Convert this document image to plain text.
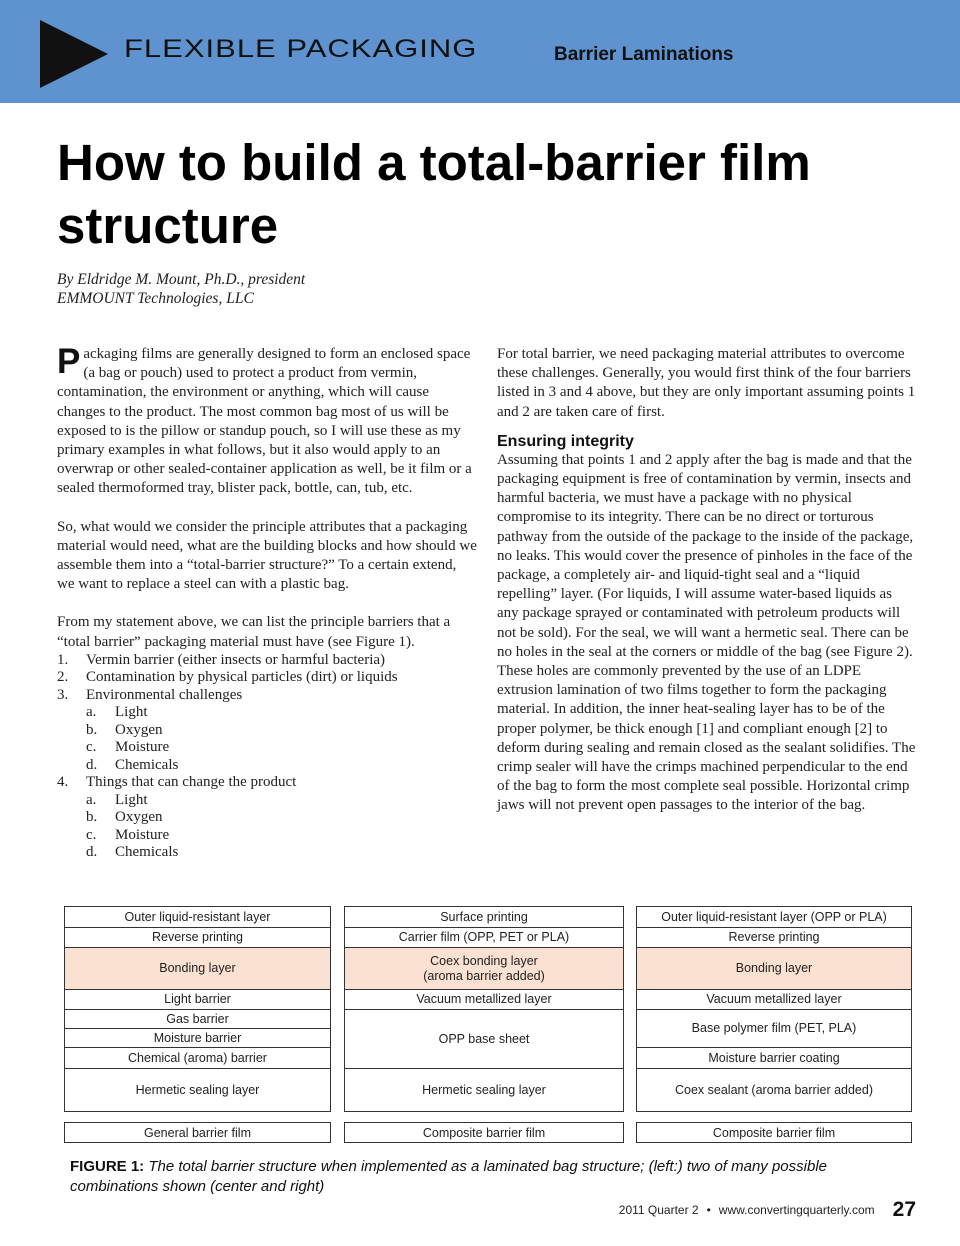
FLEXIBLE PACKAGING	Barrier Laminations
How to build a total-barrier film structure
By Eldridge M. Mount, Ph.D., president
EMMOUNT Technologies, LLC

Packaging films are generally designed to form an enclosed space (a bag or pouch) used to protect a product from vermin, contamination, the environment or anything, which will cause changes to the product. The most common bag most of us will be exposed to is the pillow or standup pouch, so I will use these as my primary examples in what follows, but it also would apply to an overwrap or other sealed-container application as well, be it film or a sealed thermoformed tray, blister pack, bottle, can, tub, etc.

So, what would we consider the principle attributes that a packaging material would need, what are the building blocks and how should we assemble them into a “total-barrier structure?” To a certain extend, we want to replace a steel can with a plastic bag.

From my statement above, we can list the principle barriers that a “total barrier” packaging material must have (see Figure 1).

1.	Vermin barrier (either insects or harmful bacteria)
2.	Contamination by physical particles (dirt) or liquids
3.	Environmental challenges
a.	Light
b.	Oxygen
c.	Moisture
d.	Chemicals
4.	Things that can change the product
a.	Light
b.	Oxygen
c.	Moisture
d.	Chemicals

For total barrier, we need packaging material attributes to overcome these challenges. Generally, you would first think of the four barriers listed in 3 and 4 above, but they are only important assuming points 1 and 2 are taken care of first.

Ensuring integrity

Assuming that points 1 and 2 apply after the bag is made and that the packaging equipment is free of contamination by vermin, insects and harmful bacteria, we must have a package with no physical compromise to its integrity. There can be no direct or torturous pathway from the outside of the package to the inside of the package, no leaks. This would cover the presence of pinholes in the face of the package, a completely air- and liquid-tight seal and a “liquid repelling” layer. (For liquids, I will assume water-based liquids as any package sprayed or contaminated with petroleum products will not be sold). For the seal, we will want a hermetic seal. There can be no holes in the seal at the corners or middle of the bag (see Figure 2). These holes are commonly prevented by the use of an LDPE extrusion lamination of two films together to form the packaging material. In addition, the inner heat-sealing layer has to be of the proper polymer, be thick enough [1] and compliant enough [2] to deform during sealing and remain closed as the sealant solidifies. The crimp sealer will have the crimps machined perpendicular to the end of the bag to form the most complete seal possible. Horizontal crimp jaws will not prevent open passages to the interior of the bag.

Outer liquid-resistant layer
Reverse printing
Bonding layer
Light barrier
Gas barrier
Moisture barrier
Chemical (aroma) barrier
Hermetic sealing layer
Surface printing
Carrier film (OPP, PET or PLA)
Coex bonding layer
(aroma barrier added)
Vacuum metallized layer
OPP base sheet
Hermetic sealing layer
Outer liquid-resistant layer (OPP or PLA)
Reverse printing
Bonding layer
Vacuum metallized layer
Base polymer film (PET, PLA)
Moisture barrier coating
Coex sealant (aroma barrier added)
General barrier film	Composite barrier film	Composite barrier film
FIGURE 1: The total barrier structure when implemented as a laminated bag structure; (left:) two of many possible combinations shown (center and right)
2011 Quarter 2 • www.convertingquarterly.com 27
